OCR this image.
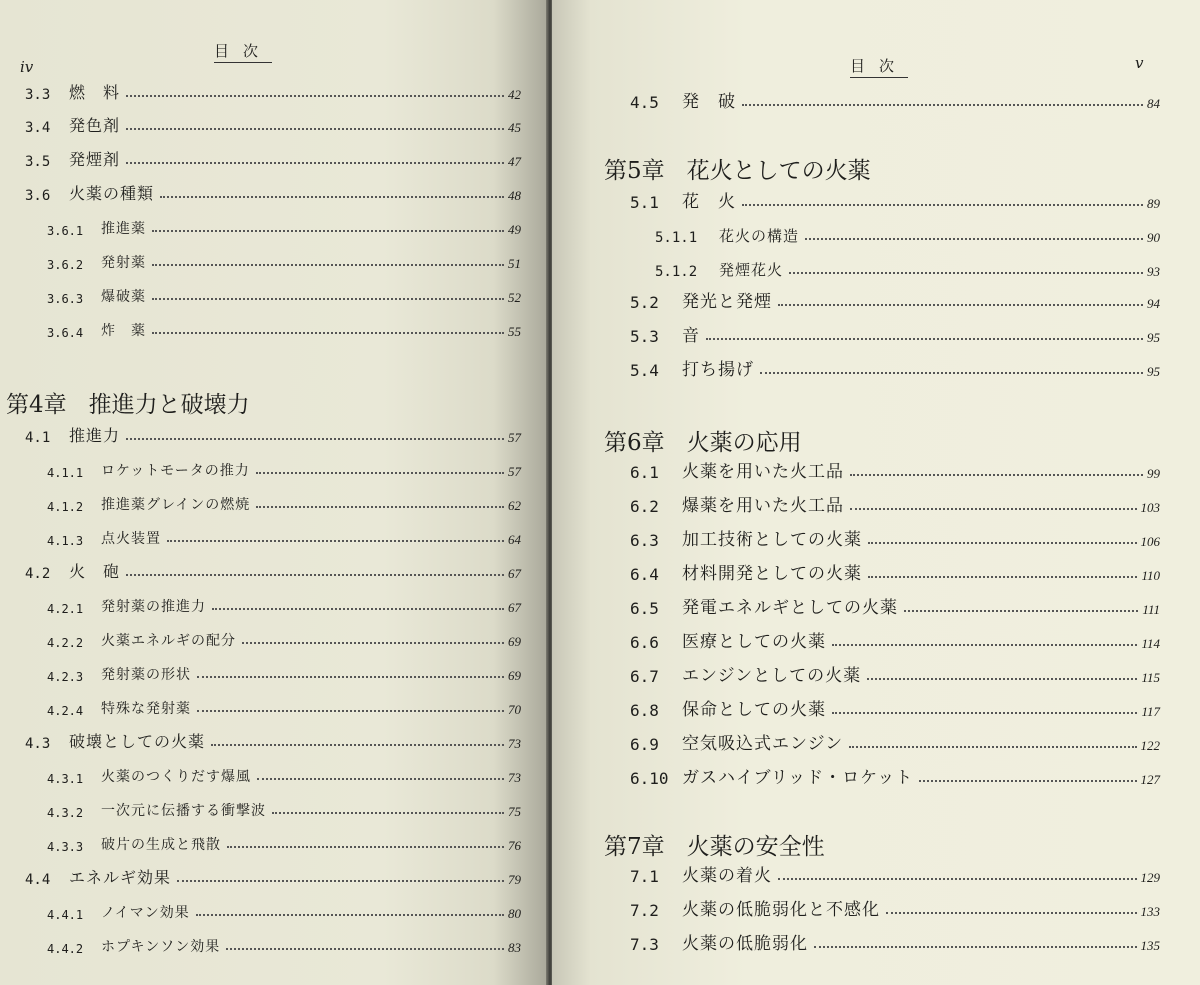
目次
iv
3.3	燃　料	42
3.4	発色剤	45
3.5	発煙剤	47
3.6	火薬の種類	48
3.6.1	推進薬	49
3.6.2	発射薬	51
3.6.3	爆破薬	52
3.6.4	炸　薬	55
第4章 推進力と破壊力
4.1	推進力	57
4.1.1	ロケットモータの推力	57
4.1.2	推進薬グレインの燃焼	62
4.1.3	点火装置	64
4.2	火　砲	67
4.2.1	発射薬の推進力	67
4.2.2	火薬エネルギの配分	69
4.2.3	発射薬の形状	69
4.2.4	特殊な発射薬	70
4.3	破壊としての火薬	73
4.3.1	火薬のつくりだす爆風	73
4.3.2	一次元に伝播する衝撃波	75
4.3.3	破片の生成と飛散	76
4.4	エネルギ効果	79
4.4.1	ノイマン効果	80
4.4.2	ホプキンソン効果	83
目次	v
4.5	発　破	84
第5章 花火としての火薬
5.1	花　火	89
5.1.1	花火の構造	90
5.1.2	発煙花火	93
5.2	発光と発煙	94
5.3	音	95
5.4	打ち揚げ	95
第6章 火薬の応用
6.1	火薬を用いた火工品	99
6.2	爆薬を用いた火工品	103
6.3	加工技術としての火薬	106
6.4	材料開発としての火薬	110
6.5	発電エネルギとしての火薬	111
6.6	医療としての火薬	114
6.7	エンジンとしての火薬	115
6.8	保命としての火薬	117
6.9	空気吸込式エンジン	122
6.10 ガスハイブリッド・ロケット	127
第7章 火薬の安全性
7.1	火薬の着火	129
7.2	火薬の低脆弱化と不感化	133
7.3	火薬の低脆弱化	135
